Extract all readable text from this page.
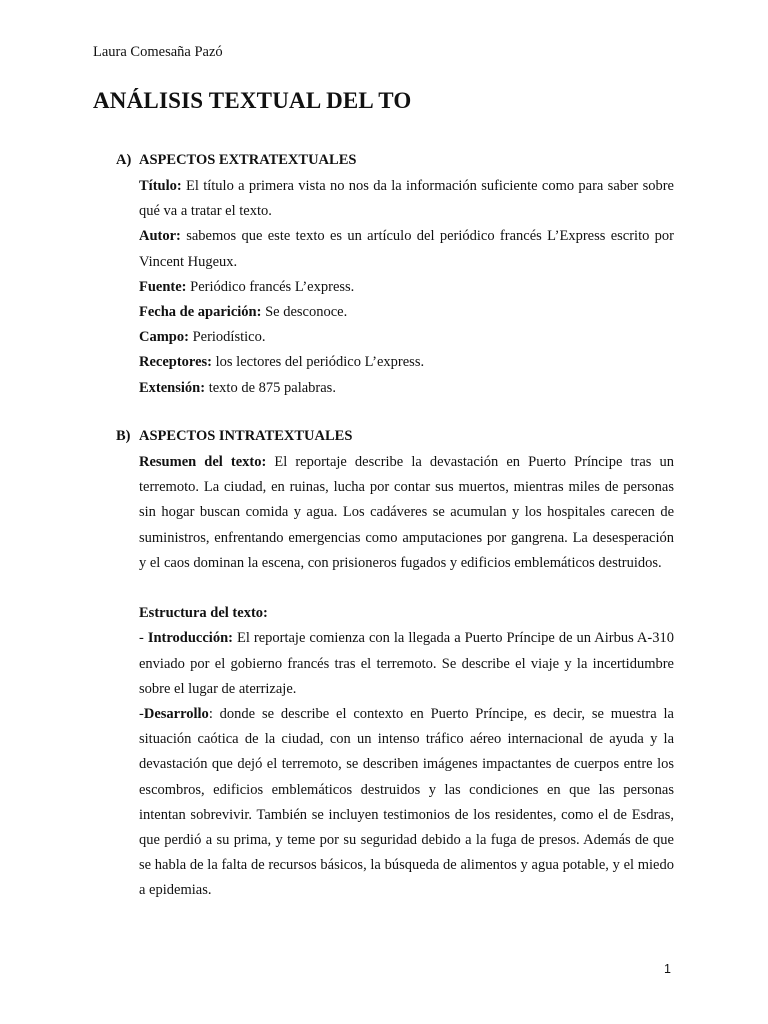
Laura Comesaña Pazó
ANÁLISIS TEXTUAL DEL TO
A) ASPECTOS EXTRATEXTUALES

Título: El título a primera vista no nos da la información suficiente como para saber sobre qué va a tratar el texto.

Autor: sabemos que este texto es un artículo del periódico francés L’Express escrito por Vincent Hugeux.

Fuente: Periódico francés L’express.

Fecha de aparición: Se desconoce.

Campo: Periodístico.

Receptores: los lectores del periódico L’express.

Extensión: texto de 875 palabras.

B) ASPECTOS INTRATEXTUALES

Resumen del texto: El reportaje describe la devastación en Puerto Príncipe tras un terremoto. La ciudad, en ruinas, lucha por contar sus muertos, mientras miles de personas sin hogar buscan comida y agua. Los cadáveres se acumulan y los hospitales carecen de suministros, enfrentando emergencias como amputaciones por gangrena. La desesperación y el caos dominan la escena, con prisioneros fugados y edificios emblemáticos destruidos.

Estructura del texto:

- Introducción: El reportaje comienza con la llegada a Puerto Príncipe de un Airbus A-310 enviado por el gobierno francés tras el terremoto. Se describe el viaje y la incertidumbre sobre el lugar de aterrizaje.

-Desarrollo: donde se describe el contexto en Puerto Príncipe, es decir, se muestra la situación caótica de la ciudad, con un intenso tráfico aéreo internacional de ayuda y la devastación que dejó el terremoto, se describen imágenes impactantes de cuerpos entre los escombros, edificios emblemáticos destruidos y las condiciones en que las personas intentan sobrevivir. También se incluyen testimonios de los residentes, como el de Esdras, que perdió a su prima, y teme por su seguridad debido a la fuga de presos. Además de que se habla de la falta de recursos básicos, la búsqueda de alimentos y agua potable, y el miedo a epidemias.

1
